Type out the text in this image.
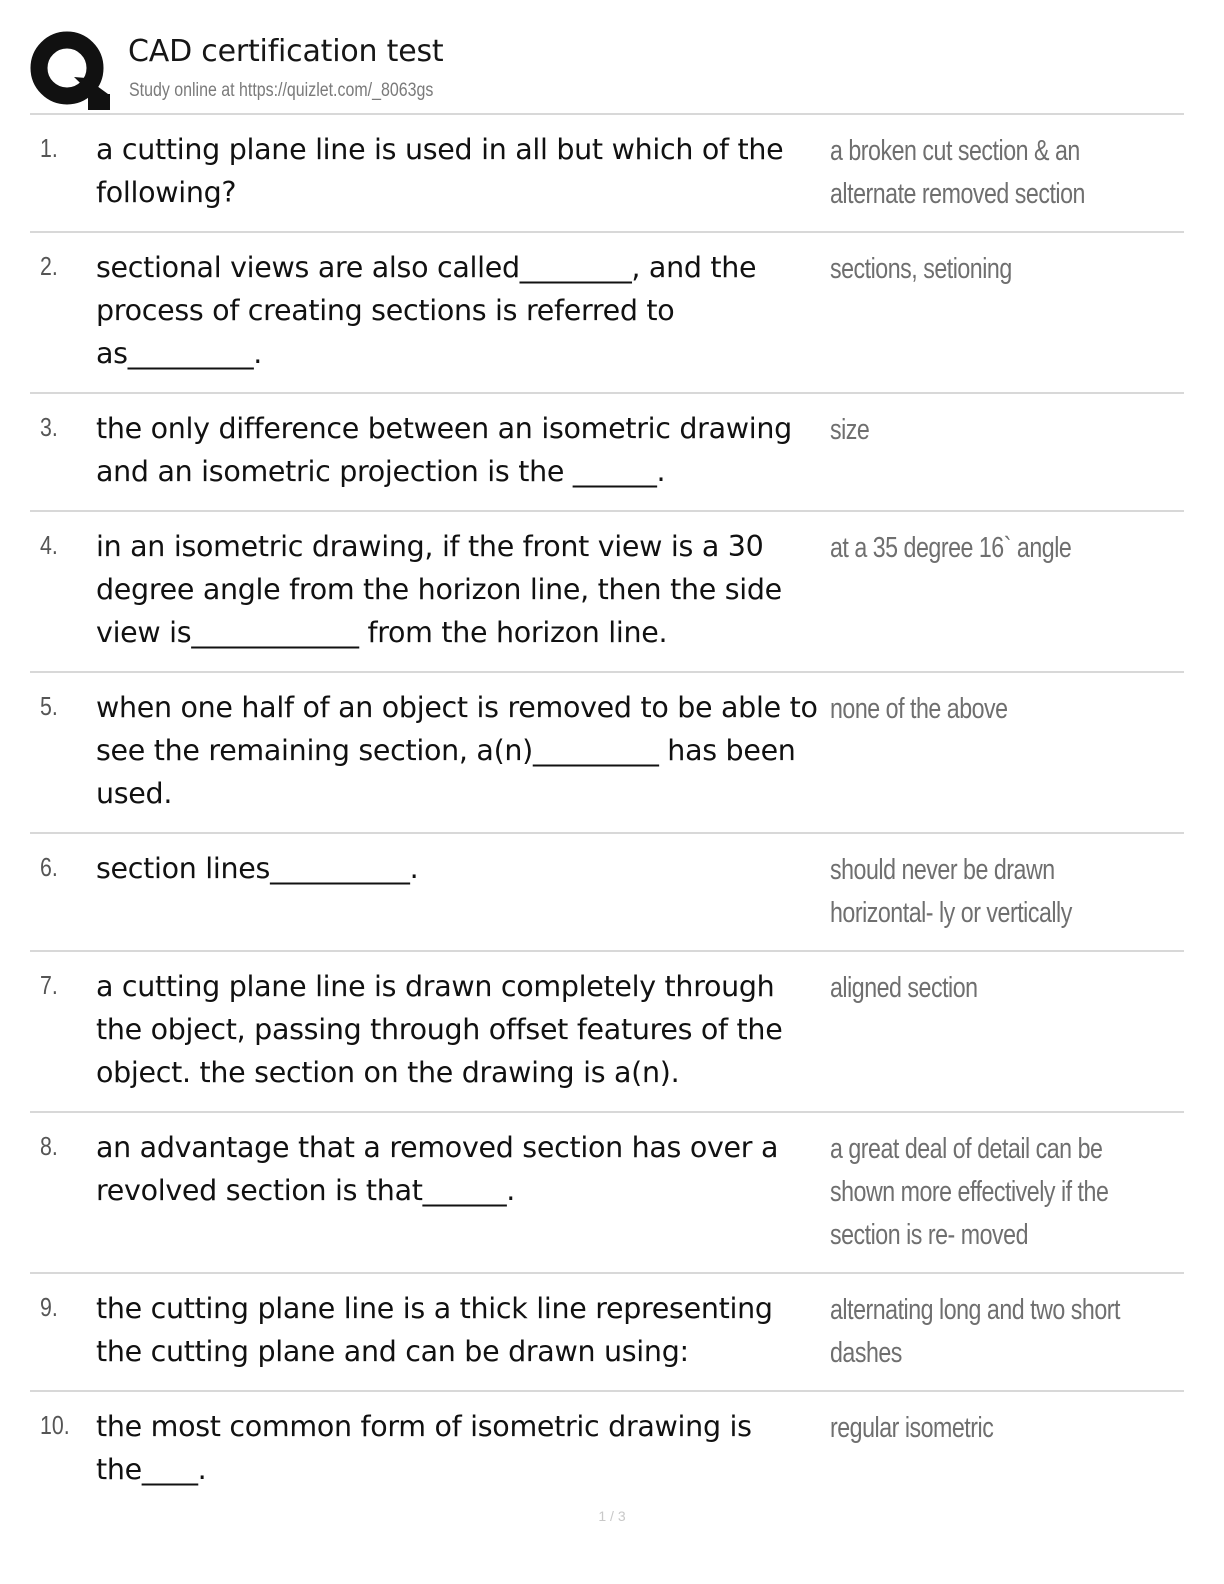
CAD certification test
Study online at https://quizlet.com/_8063gs
1. a cutting plane line is used in all but which of the following?
a broken cut section & an alternate removed section
2. sectional views are also called________, and the process of creating sections is referred to as_________.
sections, setioning
3. the only difference between an isometric drawing and an isometric projection is the ______.
size
4. in an isometric drawing, if the front view is a 30 degree angle from the horizon line, then the side view is____________ from the horizon line.
at a 35 degree 16` angle
5. when one half of an object is removed to be able to see the remaining section, a(n)_________ has been used.
none of the above
6. section lines__________.	should never be drawn horizontal- ly or vertically
7. a cutting plane line is drawn completely through the object, passing through offset features of the object. the section on the drawing is a(n).
aligned section
8. an advantage that a removed section has over a revolved section is that______.
a great deal of detail can be shown more effectively if the section is re- moved
9. the cutting plane line is a thick line representing the cutting plane and can be drawn using:
alternating long and two short dashes
10. the most common form of isometric drawing is the____.
regular isometric
1 / 3
